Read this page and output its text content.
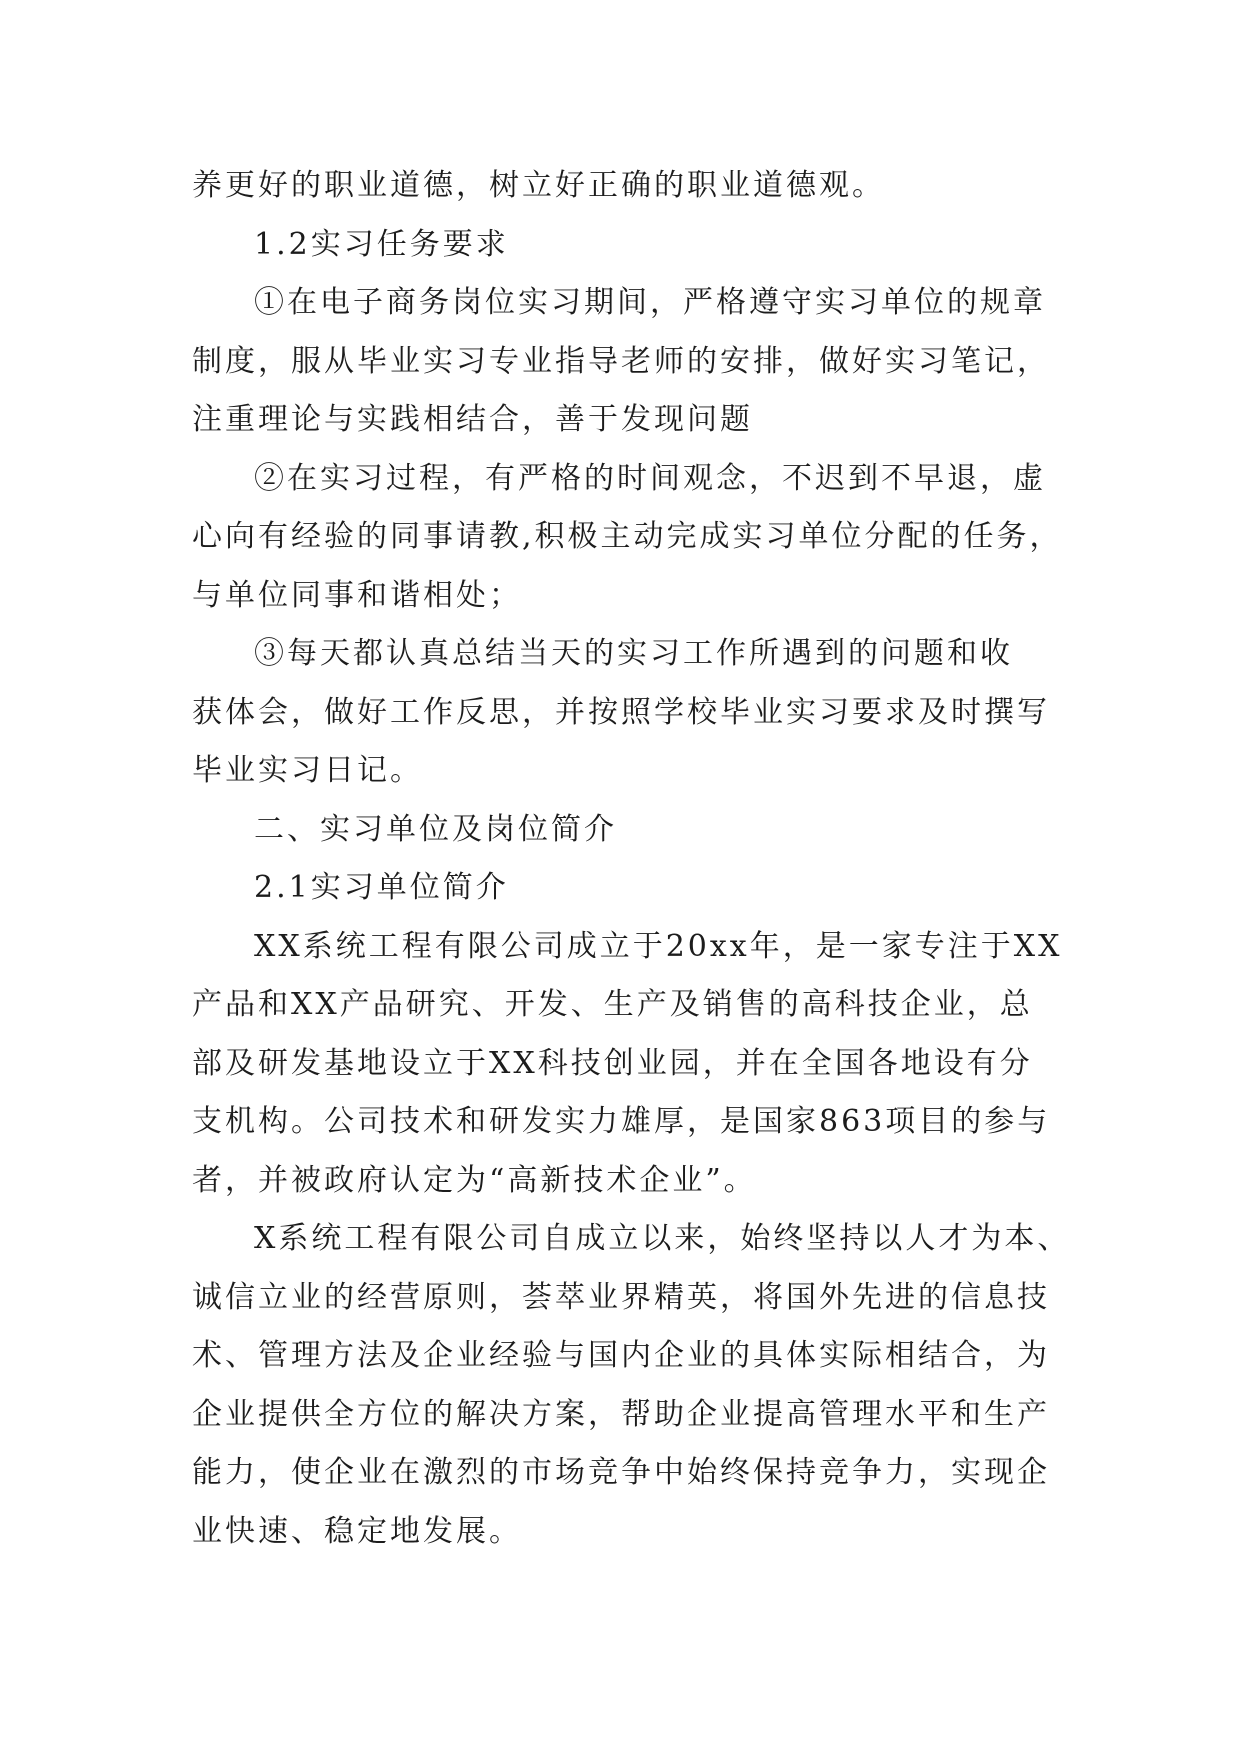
养更好的职业道德，树立好正确的职业道德观。

1.2实习任务要求

①在电子商务岗位实习期间，严格遵守实习单位的规章

制度，服从毕业实习专业指导老师的安排，做好实习笔记，

注重理论与实践相结合，善于发现问题

②在实习过程，有严格的时间观念，不迟到不早退，虚

心向有经验的同事请教,积极主动完成实习单位分配的任务，

与单位同事和谐相处；

③每天都认真总结当天的实习工作所遇到的问题和收

获体会，做好工作反思，并按照学校毕业实习要求及时撰写

毕业实习日记。

二、实习单位及岗位简介

2.1实习单位简介

XX系统工程有限公司成立于20xx年，是一家专注于XX

产品和XX产品研究、开发、生产及销售的高科技企业，总

部及研发基地设立于XX科技创业园，并在全国各地设有分

支机构。公司技术和研发实力雄厚，是国家863项目的参与

者，并被政府认定为“高新技术企业”。

X系统工程有限公司自成立以来，始终坚持以人才为本、

诚信立业的经营原则，荟萃业界精英，将国外先进的信息技

术、管理方法及企业经验与国内企业的具体实际相结合，为

企业提供全方位的解决方案，帮助企业提高管理水平和生产

能力，使企业在激烈的市场竞争中始终保持竞争力，实现企

业快速、稳定地发展。
